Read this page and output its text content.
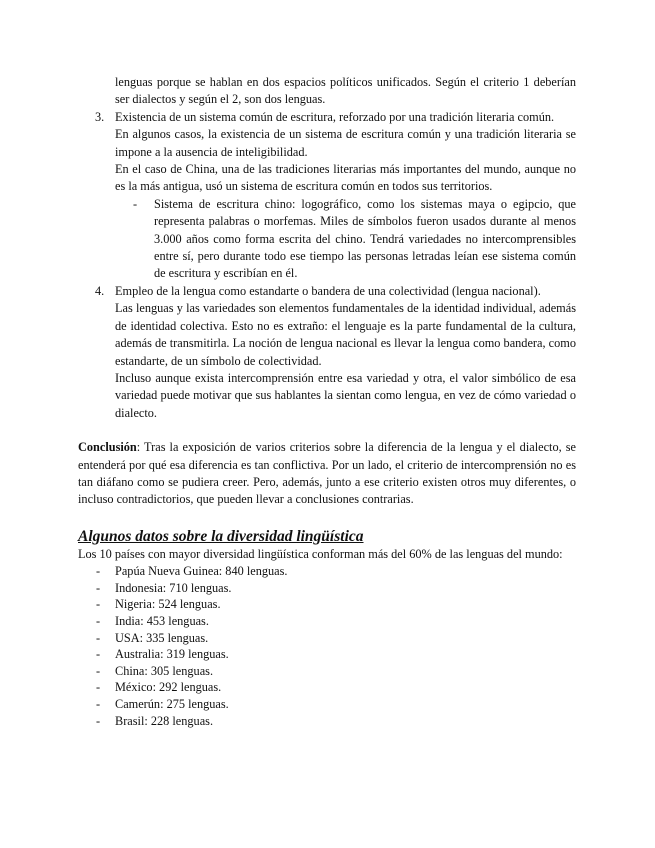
lenguas porque se hablan en dos espacios políticos unificados. Según el criterio 1 deberían ser dialectos y según el 2, son dos lenguas.

3. Existencia de un sistema común de escritura, reforzado por una tradición literaria común.

En algunos casos, la existencia de un sistema de escritura común y una tradición literaria se impone a la ausencia de inteligibilidad.

En el caso de China, una de las tradiciones literarias más importantes del mundo, aunque no es la más antigua, usó un sistema de escritura común en todos sus territorios.

- Sistema de escritura chino: logográfico, como los sistemas maya o egipcio, que representa palabras o morfemas. Miles de símbolos fueron usados durante al menos 3.000 años como forma escrita del chino. Tendrá variedades no intercomprensibles entre sí, pero durante todo ese tiempo las personas letradas leían ese sistema común de escritura y escribían en él.
4. Empleo de la lengua como estandarte o bandera de una colectividad (lengua nacional).

Las lenguas y las variedades son elementos fundamentales de la identidad individual, además de identidad colectiva. Esto no es extraño: el lenguaje es la parte fundamental de la cultura, además de transmitirla. La noción de lengua nacional es llevar la lengua como bandera, como estandarte, de un símbolo de colectividad.

Incluso aunque exista intercomprensión entre esa variedad y otra, el valor simbólico de esa variedad puede motivar que sus hablantes la sientan como lengua, en vez de cómo variedad o dialecto.

Conclusión: Tras la exposición de varios criterios sobre la diferencia de la lengua y el dialecto, se entenderá por qué esa diferencia es tan conflictiva. Por un lado, el criterio de intercomprensión no es tan diáfano como se pudiera creer. Pero, además, junto a ese criterio existen otros muy diferentes, o incluso contradictorios, que pueden llevar a conclusiones contrarias.

Algunos datos sobre la diversidad lingüística

Los 10 países con mayor diversidad lingüística conforman más del 60% de las lenguas del mundo:

- Papúa Nueva Guinea: 840 lenguas.
- Indonesia: 710 lenguas.
- Nigeria: 524 lenguas.
- India: 453 lenguas.
- USA: 335 lenguas.
- Australia: 319 lenguas.
- China: 305 lenguas.
- México: 292 lenguas.
- Camerún: 275 lenguas.
- Brasil: 228 lenguas.
